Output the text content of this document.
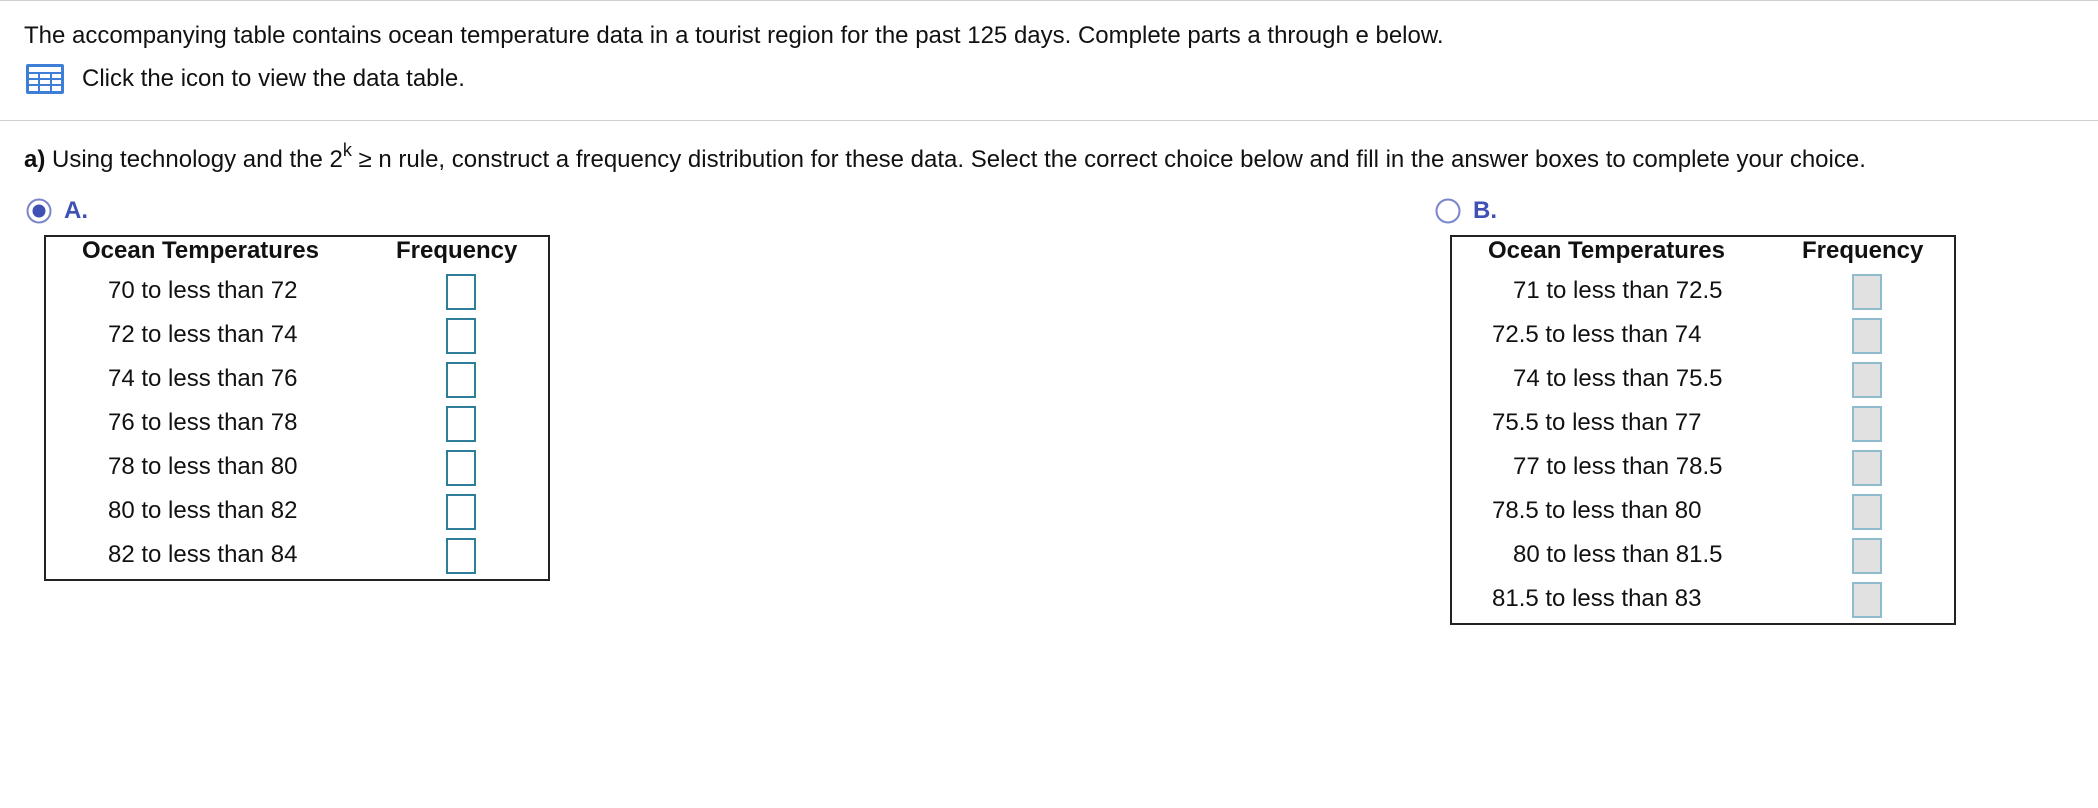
The accompanying table contains ocean temperature data in a tourist region for the past 125 days. Complete parts a through e below.
Click the icon to view the data table.
a) Using technology and the $2^k \ge n$ rule, construct a frequency distribution for these data. Select the correct choice below and fill in the answer boxes to complete your choice.
A.
Ocean Temperatures	Frequency
70 to less than 72
72 to less than 74
74 to less than 76
76 to less than 78
78 to less than 80
80 to less than 82
82 to less than 84
B.
Ocean Temperatures	Frequency
71 to less than 72.5
72.5 to less than 74
74 to less than 75.5
75.5 to less than 77
77 to less than 78.5
78.5 to less than 80
80 to less than 81.5
81.5 to less than 83
